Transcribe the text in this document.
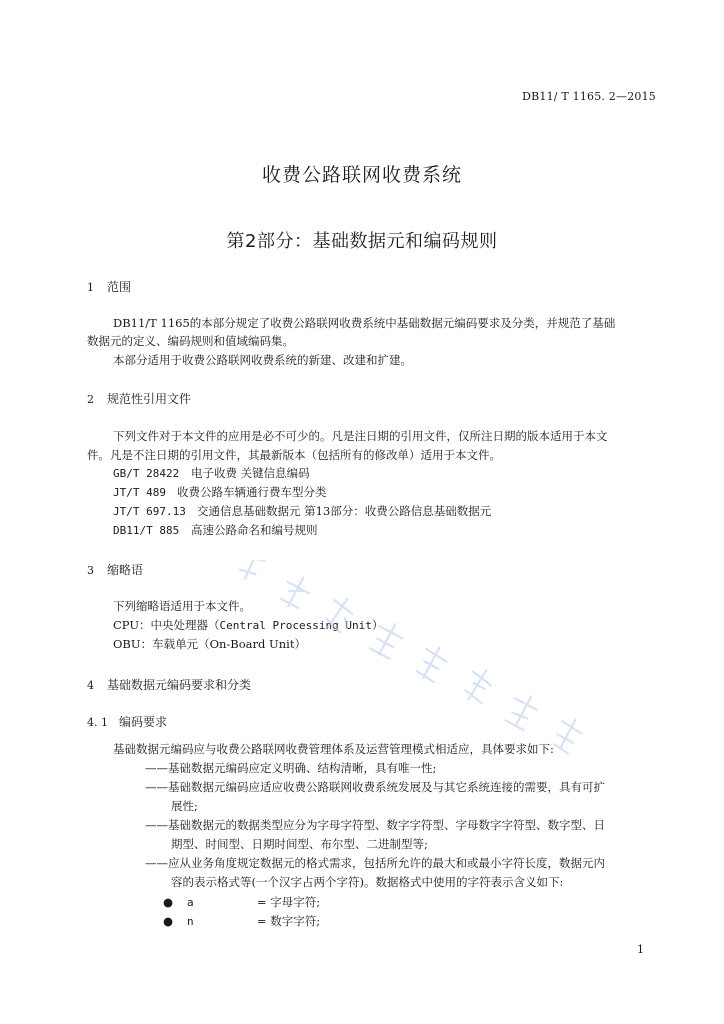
DB11/ T 1165. 2—2015
收费公路联网收费系统
第2部分：基础数据元和编码规则
1 范围
DB11/T 1165的本部分规定了收费公路联网收费系统中基础数据元编码要求及分类，并规范了基础
数据元的定义、编码规则和值域编码集。
本部分适用于收费公路联网收费系统的新建、改建和扩建。
2 规范性引用文件
下列文件对于本文件的应用是必不可少的。凡是注日期的引用文件，仅所注日期的版本适用于本文
件。凡是不注日期的引用文件，其最新版本（包括所有的修改单）适用于本文件。
GB/T 28422 电子收费 关键信息编码
JT/T 489 收费公路车辆通行费车型分类
JT/T 697.13 交通信息基础数据元 第13部分：收费公路信息基础数据元
DB11/T 885 高速公路命名和编号规则
3 缩略语
下列缩略语适用于本文件。
CPU：中央处理器（Central Processing Unit）
OBU：车载单元（On-Board Unit）
4 基础数据元编码要求和分类
4. 1 编码要求
基础数据元编码应与收费公路联网收费管理体系及运营管理模式相适应，具体要求如下:
——基础数据元编码应定义明确、结构清晰，具有唯一性;
——基础数据元编码应适应收费公路联网收费系统发展及与其它系统连接的需要，具有可扩
展性;
——基础数据元的数据类型应分为字母字符型、数字字符型、字母数字字符型、数字型、日
期型、时间型、日期时间型、布尔型、二进制型等;
——应从业务角度规定数据元的格式需求，包括所允许的最大和或最小字符长度，数据元内
容的表示格式等(一个汉字占两个字符)。数据格式中使用的字符表示含义如下:
● a	= 字母字符;
● n	= 数字字符;
1
